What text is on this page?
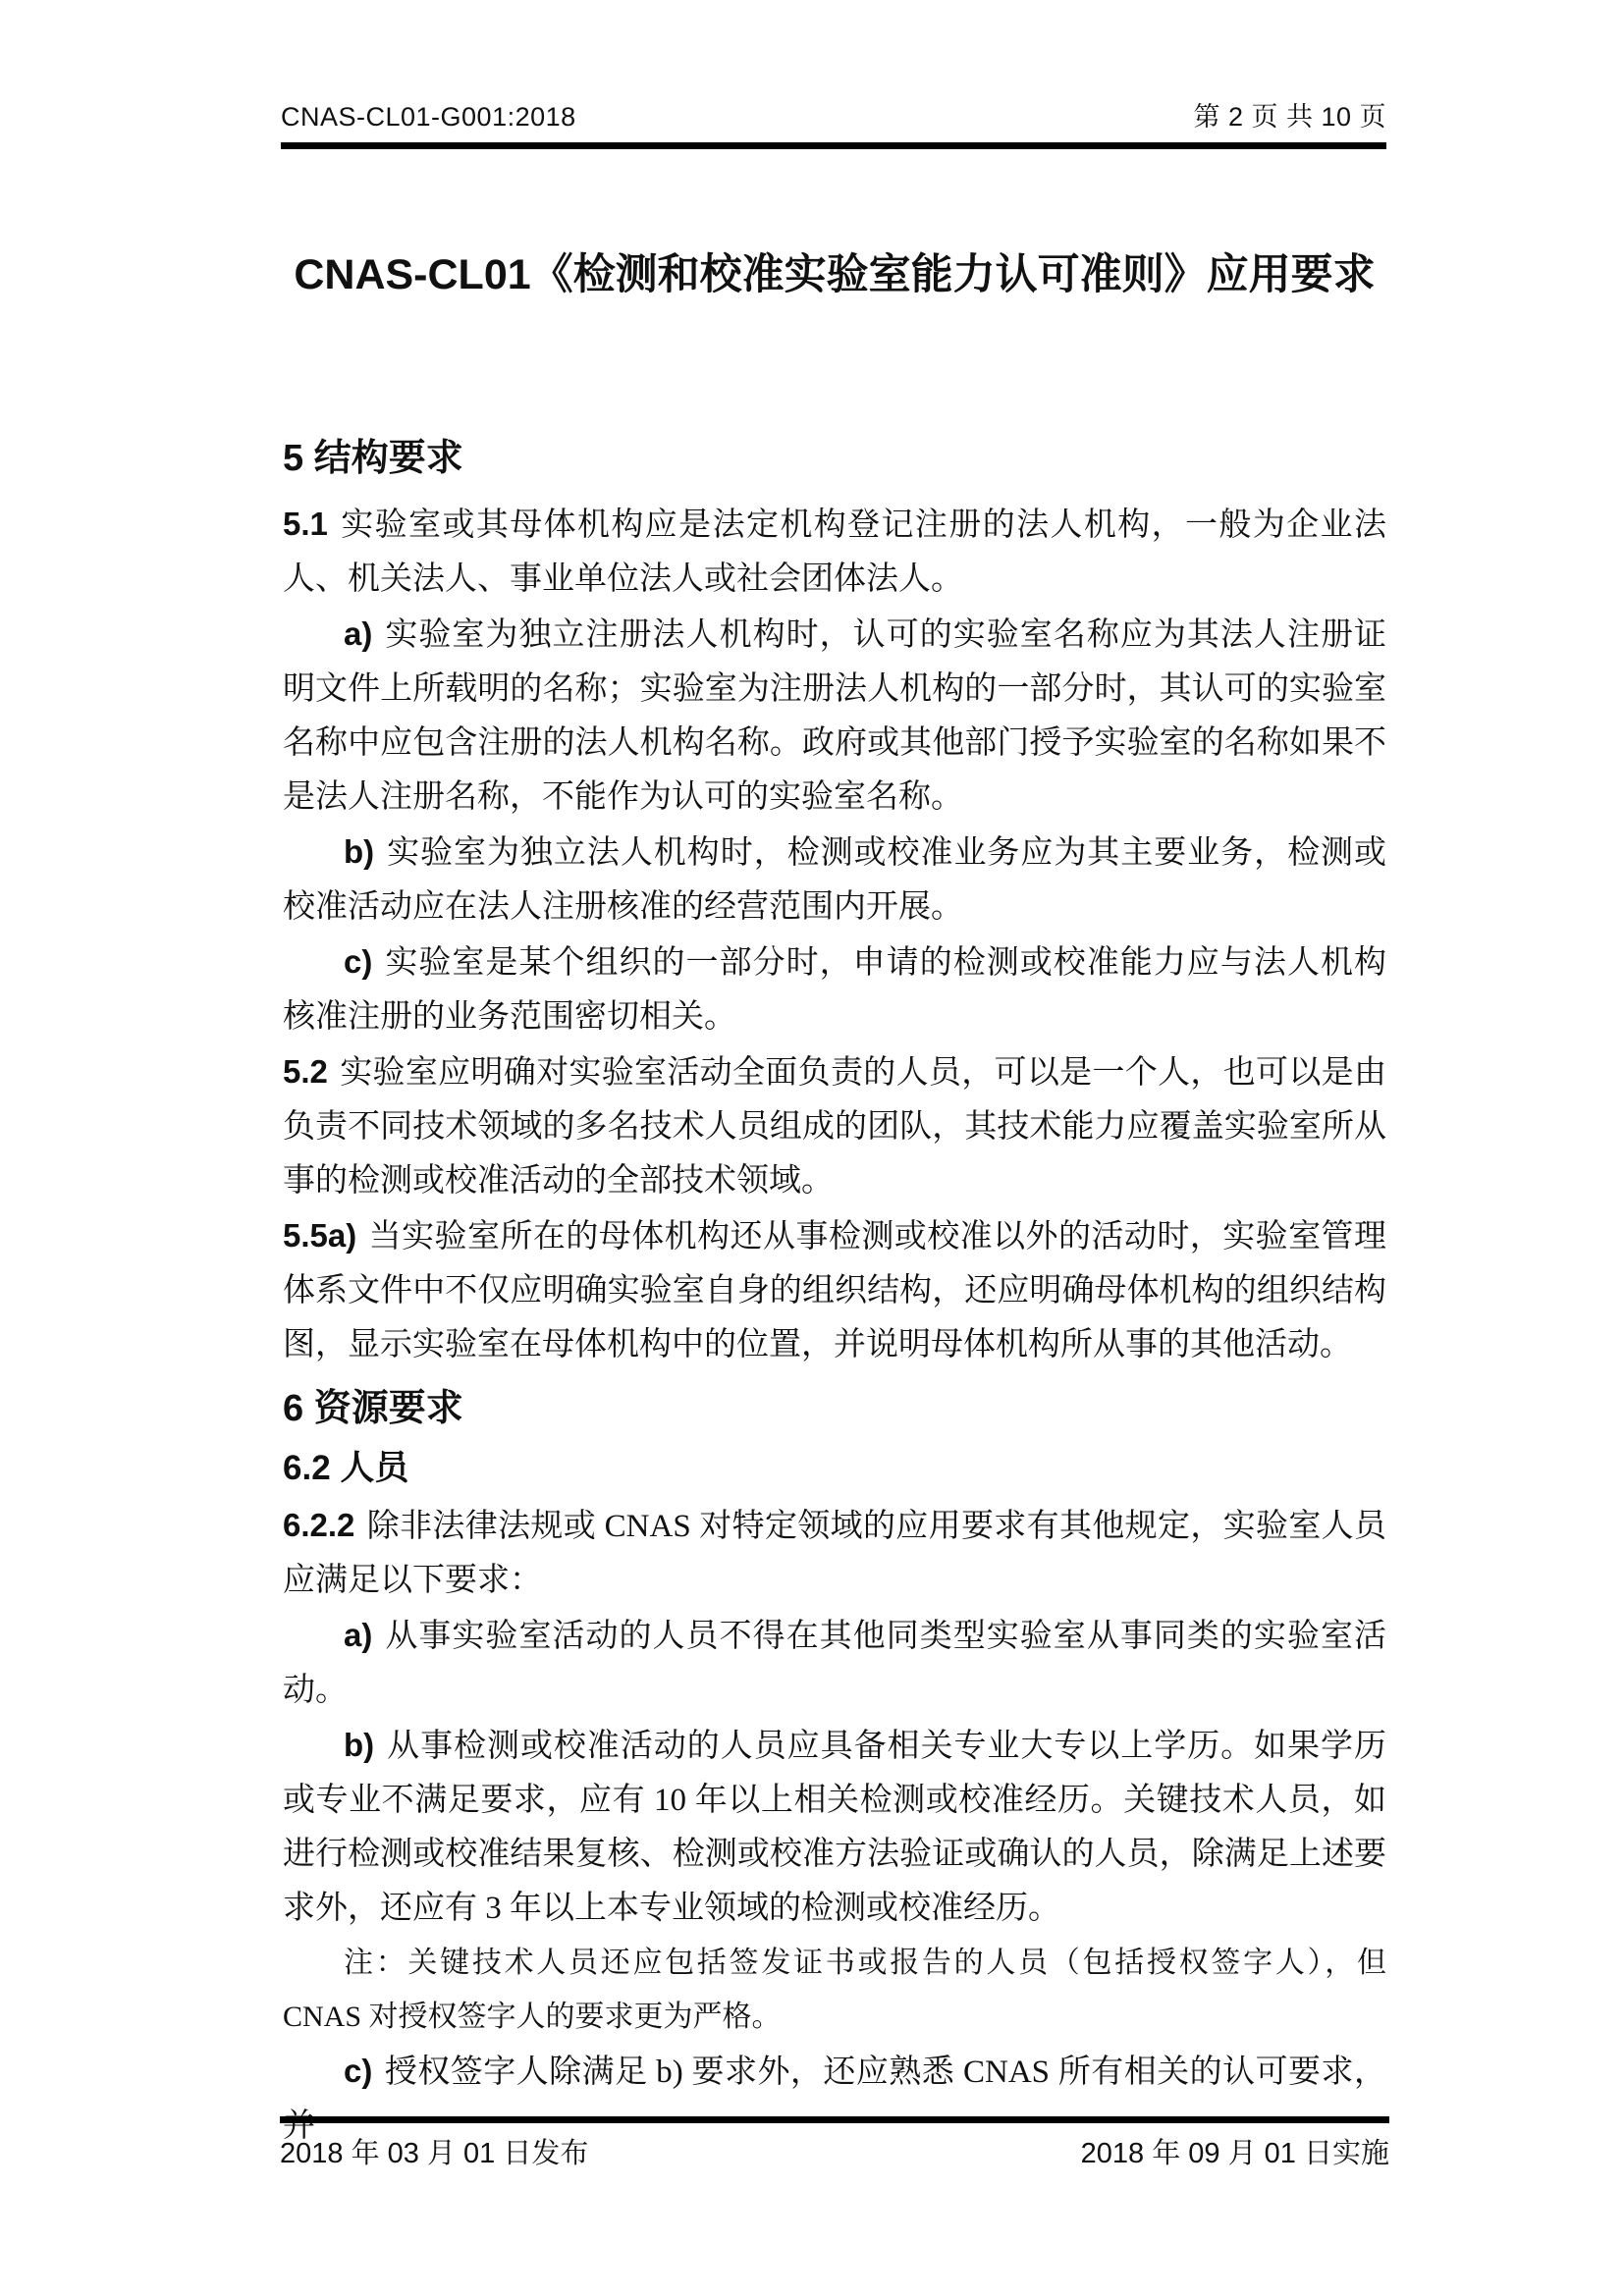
CNAS-CL01-G001:2018	第 2 页 共 10 页
CNAS-CL01《检测和校准实验室能力认可准则》应用要求
5 结构要求

5.1 实验室或其母体机构应是法定机构登记注册的法人机构，一般为企业法人、机关法人、事业单位法人或社会团体法人。

a) 实验室为独立注册法人机构时，认可的实验室名称应为其法人注册证明文件上所载明的名称；实验室为注册法人机构的一部分时，其认可的实验室名称中应包含注册的法人机构名称。政府或其他部门授予实验室的名称如果不是法人注册名称，不能作为认可的实验室名称。

b) 实验室为独立法人机构时，检测或校准业务应为其主要业务，检测或校准活动应在法人注册核准的经营范围内开展。

c) 实验室是某个组织的一部分时，申请的检测或校准能力应与法人机构核准注册的业务范围密切相关。

5.2 实验室应明确对实验室活动全面负责的人员，可以是一个人，也可以是由负责不同技术领域的多名技术人员组成的团队，其技术能力应覆盖实验室所从事的检测或校准活动的全部技术领域。

5.5a) 当实验室所在的母体机构还从事检测或校准以外的活动时，实验室管理体系文件中不仅应明确实验室自身的组织结构，还应明确母体机构的组织结构图，显示实验室在母体机构中的位置，并说明母体机构所从事的其他活动。

6 资源要求
6.2 人员

6.2.2 除非法律法规或 CNAS 对特定领域的应用要求有其他规定，实验室人员应满足以下要求：

a) 从事实验室活动的人员不得在其他同类型实验室从事同类的实验室活动。

b) 从事检测或校准活动的人员应具备相关专业大专以上学历。如果学历或专业不满足要求，应有 10 年以上相关检测或校准经历。关键技术人员，如进行检测或校准结果复核、检测或校准方法验证或确认的人员，除满足上述要求外，还应有 3 年以上本专业领域的检测或校准经历。

注：关键技术人员还应包括签发证书或报告的人员（包括授权签字人），但 CNAS 对授权签字人的要求更为严格。

c) 授权签字人除满足 b) 要求外，还应熟悉 CNAS 所有相关的认可要求，并

2018 年 03 月 01 日发布	2018 年 09 月 01 日实施
